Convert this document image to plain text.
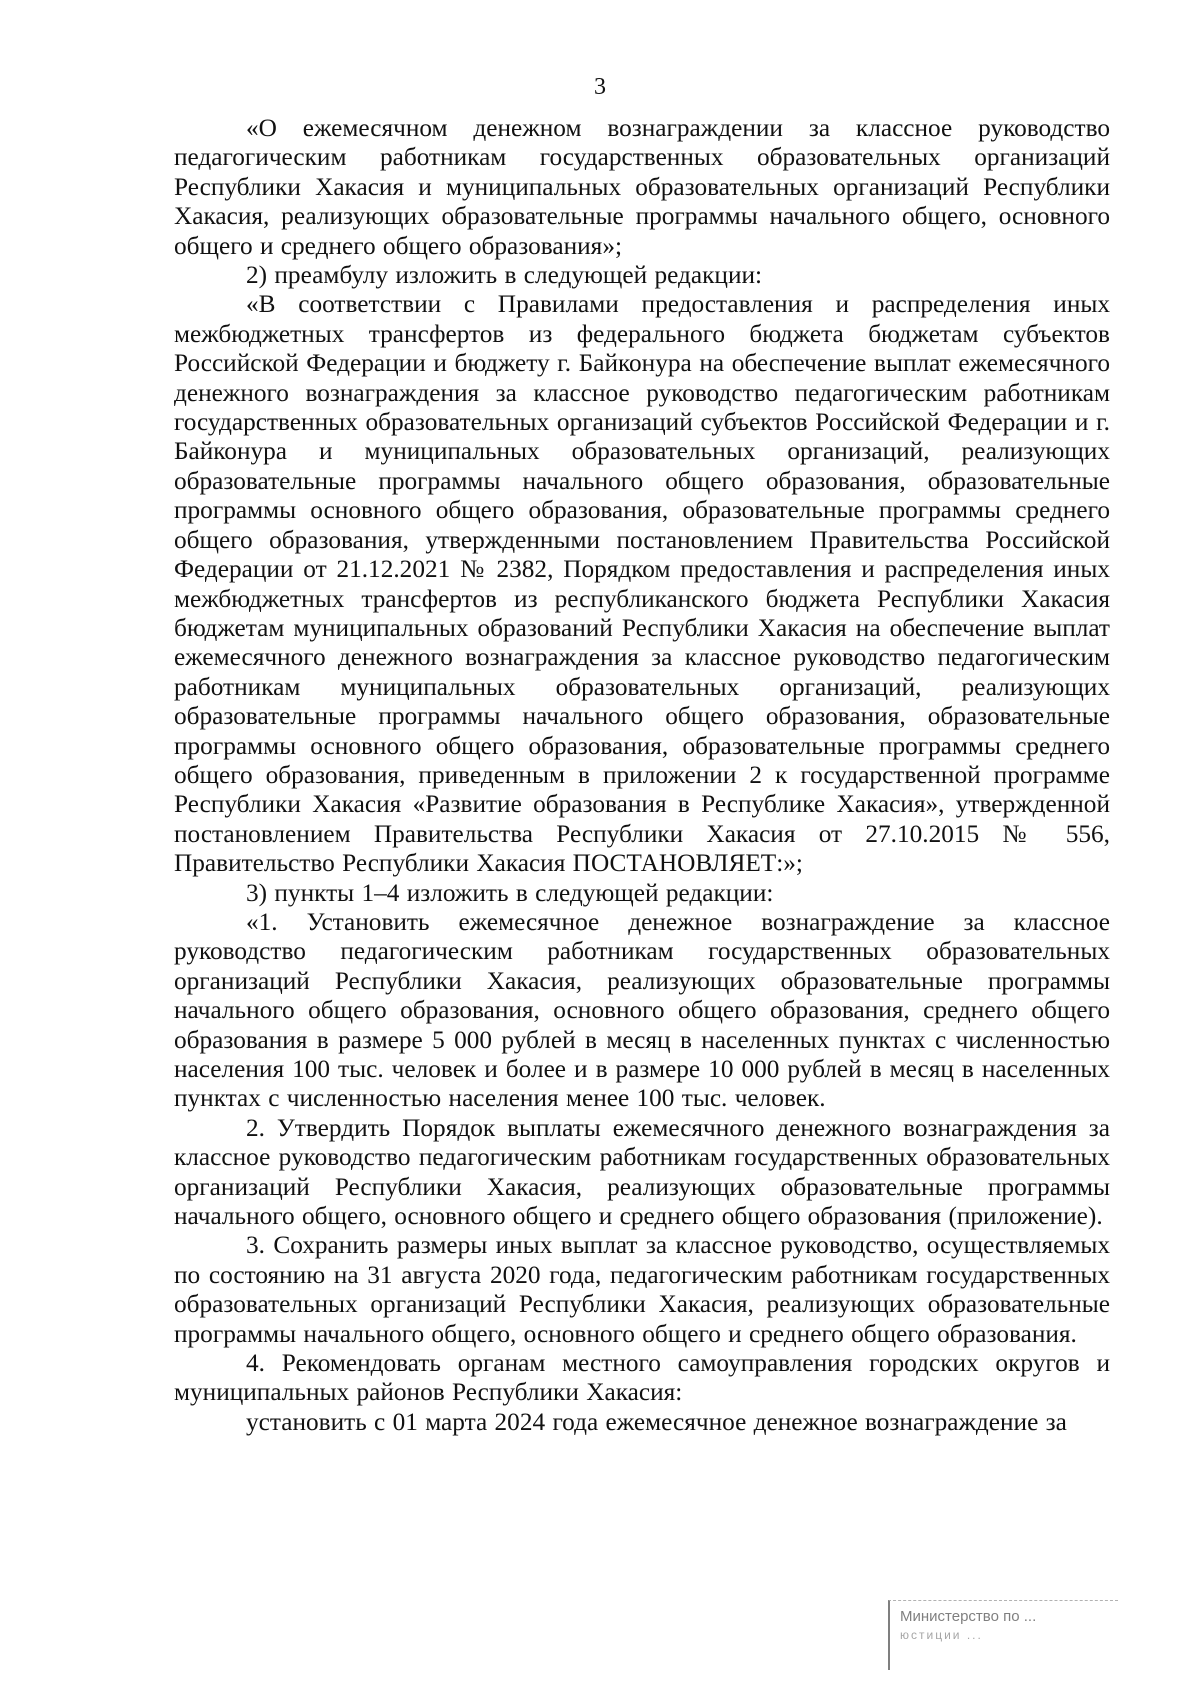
3

«О ежемесячном денежном вознаграждении за классное руководство педагогическим работникам государственных образовательных организаций Республики Хакасия и муниципальных образовательных организаций Республики Хакасия, реализующих образовательные программы начального общего, основного общего и среднего общего образования»;

2) преамбулу изложить в следующей редакции:

«В соответствии с Правилами предоставления и распределения иных межбюджетных трансфертов из федерального бюджета бюджетам субъектов Российской Федерации и бюджету г. Байконура на обеспечение выплат ежемесячного денежного вознаграждения за классное руководство педагогическим работникам государственных образовательных организаций субъектов Российской Федерации и г. Байконура и муниципальных образовательных организаций, реализующих образовательные программы начального общего образования, образовательные программы основного общего образования, образовательные программы среднего общего образования, утвержденными постановлением Правительства Российской Федерации от 21.12.2021 № 2382, Порядком предоставления и распределения иных межбюджетных трансфертов из республиканского бюджета Республики Хакасия бюджетам муниципальных образований Республики Хакасия на обеспечение выплат ежемесячного денежного вознаграждения за классное руководство педагогическим работникам муниципальных образовательных организаций, реализующих образовательные программы начального общего образования, образовательные программы основного общего образования, образовательные программы среднего общего образования, приведенным в приложении 2 к государственной программе Республики Хакасия «Развитие образования в Республике Хакасия», утвержденной постановлением Правительства Республики Хакасия от 27.10.2015 № 556, Правительство Республики Хакасия ПОСТАНОВЛЯЕТ:»;

3) пункты 1–4 изложить в следующей редакции:

«1. Установить ежемесячное денежное вознаграждение за классное руководство педагогическим работникам государственных образовательных организаций Республики Хакасия, реализующих образовательные программы начального общего образования, основного общего образования, среднего общего образования в размере 5 000 рублей в месяц в населенных пунктах с численностью населения 100 тыс. человек и более и в размере 10 000 рублей в месяц в населенных пунктах с численностью населения менее 100 тыс. человек.

2. Утвердить Порядок выплаты ежемесячного денежного вознаграждения за классное руководство педагогическим работникам государственных образовательных организаций Республики Хакасия, реализующих образовательные программы начального общего, основного общего и среднего общего образования (приложение).

3. Сохранить размеры иных выплат за классное руководство, осуществляемых по состоянию на 31 августа 2020 года, педагогическим работникам государственных образовательных организаций Республики Хакасия, реализующих образовательные программы начального общего, основного общего и среднего общего образования.

4. Рекомендовать органам местного самоуправления городских округов и муниципальных районов Республики Хакасия:

установить с 01 марта 2024 года ежемесячное денежное вознаграждение за

Министерство по ...
юстиции ...
